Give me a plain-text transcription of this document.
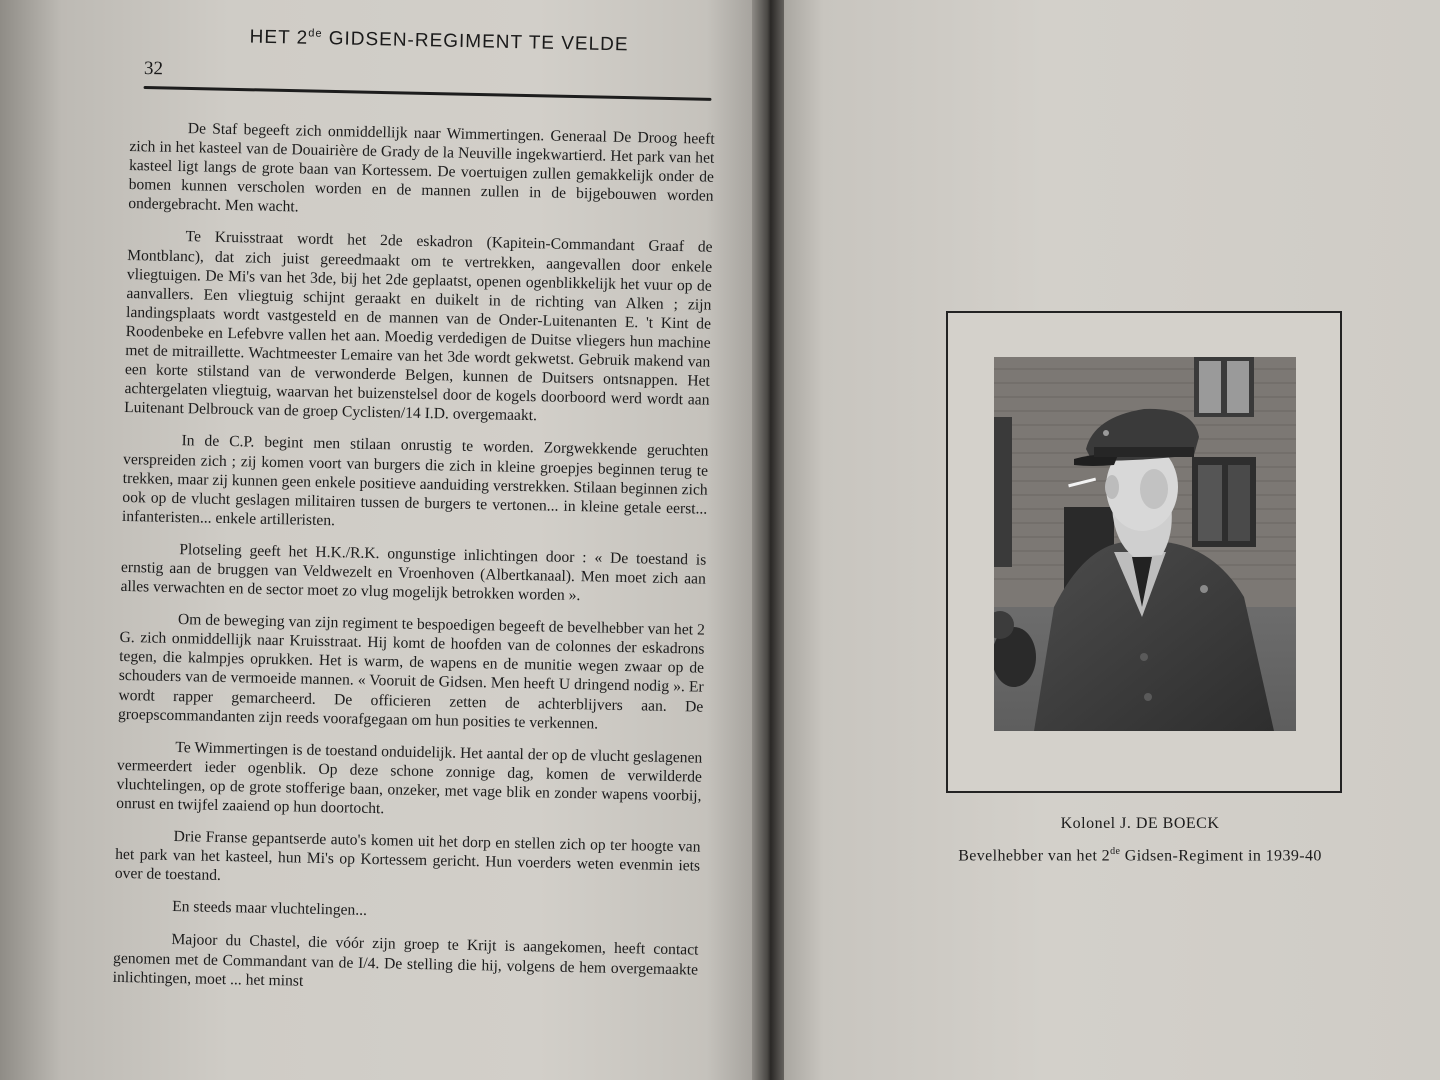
32
HET 2de GIDSEN-REGIMENT TE VELDE

De Staf begeeft zich onmiddellijk naar Wimmertingen. Generaal De Droog heeft zich in het kasteel van de Douairière de Grady de la Neuville ingekwartierd. Het park van het kasteel ligt langs de grote baan van Kortessem. De voertuigen zullen gemakkelijk onder de bomen kunnen verscholen worden en de mannen zullen in de bijgebouwen worden ondergebracht. Men wacht.

Te Kruisstraat wordt het 2de eskadron (Kapitein-Commandant Graaf de Montblanc), dat zich juist gereedmaakt om te vertrekken, aangevallen door enkele vliegtuigen. De Mi's van het 3de, bij het 2de geplaatst, openen ogenblikkelijk het vuur op de aanvallers. Een vliegtuig schijnt geraakt en duikelt in de richting van Alken ; zijn landingsplaats wordt vastgesteld en de mannen van de Onder-Luitenanten E. 't Kint de Roodenbeke en Lefebvre vallen het aan. Moedig verdedigen de Duitse vliegers hun machine met de mitraillette. Wachtmeester Lemaire van het 3de wordt gekwetst. Gebruik makend van een korte stilstand van de verwonderde Belgen, kunnen de Duitsers ontsnappen. Het achtergelaten vliegtuig, waarvan het buizenstelsel door de kogels doorboord werd wordt aan Luitenant Delbrouck van de groep Cyclisten/14 I.D. overgemaakt.

In de C.P. begint men stilaan onrustig te worden. Zorgwekkende geruchten verspreiden zich ; zij komen voort van burgers die zich in kleine groepjes beginnen terug te trekken, maar zij kunnen geen enkele positieve aanduiding verstrekken. Stilaan beginnen zich ook op de vlucht geslagen militairen tussen de burgers te vertonen... in kleine getale eerst... infanteristen... enkele artilleristen.

Plotseling geeft het H.K./R.K. ongunstige inlichtingen door : « De toestand is ernstig aan de bruggen van Veldwezelt en Vroenhoven (Albertkanaal). Men moet zich aan alles verwachten en de sector moet zo vlug mogelijk betrokken worden ».

Om de beweging van zijn regiment te bespoedigen begeeft de bevelhebber van het 2 G. zich onmiddellijk naar Kruisstraat. Hij komt de hoofden van de colonnes der eskadrons tegen, die kalmpjes oprukken. Het is warm, de wapens en de munitie wegen zwaar op de schouders van de vermoeide mannen. « Vooruit de Gidsen. Men heeft U dringend nodig ». Er wordt rapper gemarcheerd. De officieren zetten de achterblijvers aan. De groepscommandanten zijn reeds voorafgegaan om hun posities te verkennen.

Te Wimmertingen is de toestand onduidelijk. Het aantal der op de vlucht geslagenen vermeerdert ieder ogenblik. Op deze schone zonnige dag, komen de verwilderde vluchtelingen, op de grote stofferige baan, onzeker, met vage blik en zonder wapens voorbij, onrust en twijfel zaaiend op hun doortocht.

Drie Franse gepantserde auto's komen uit het dorp en stellen zich op ter hoogte van het park van het kasteel, hun Mi's op Kortessem gericht. Hun voerders weten evenmin iets over de toestand.

En steeds maar vluchtelingen...

Majoor du Chastel, die vóór zijn groep te Krijt is aangekomen, heeft contact genomen met de Commandant van de I/4. De stelling die hij, volgens de hem overgemaakte inlichtingen, moet ... het minst

Kolonel J. DE BOECK
Bevelhebber van het 2de Gidsen-Regiment in 1939-40
